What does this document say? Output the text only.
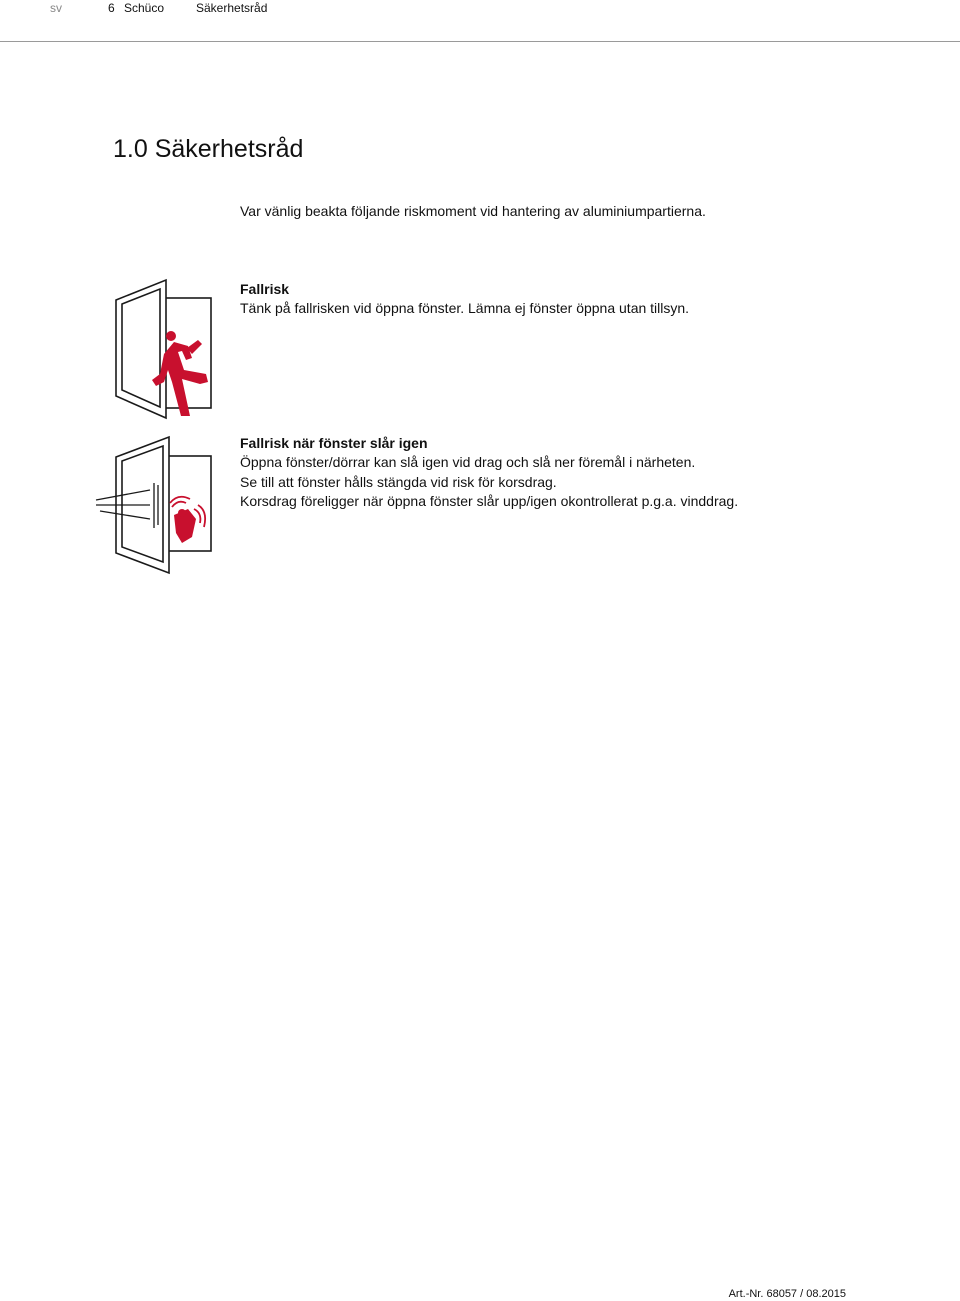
sv	6 Schüco	Säkerhetsråd
1.0 Säkerhetsråd
Var vänlig beakta följande riskmoment vid hantering av aluminiumpartierna.
Fallrisk
Tänk på fallrisken vid öppna fönster. Lämna ej fönster öppna utan tillsyn.
Fallrisk när fönster slår igen
Öppna fönster/dörrar kan slå igen vid drag och slå ner föremål i närheten.
Se till att fönster hålls stängda vid risk för korsdrag.
Korsdrag föreligger när öppna fönster slår upp/igen okontrollerat p.g.a. vinddrag.
Art.-Nr. 68057 / 08.2015
